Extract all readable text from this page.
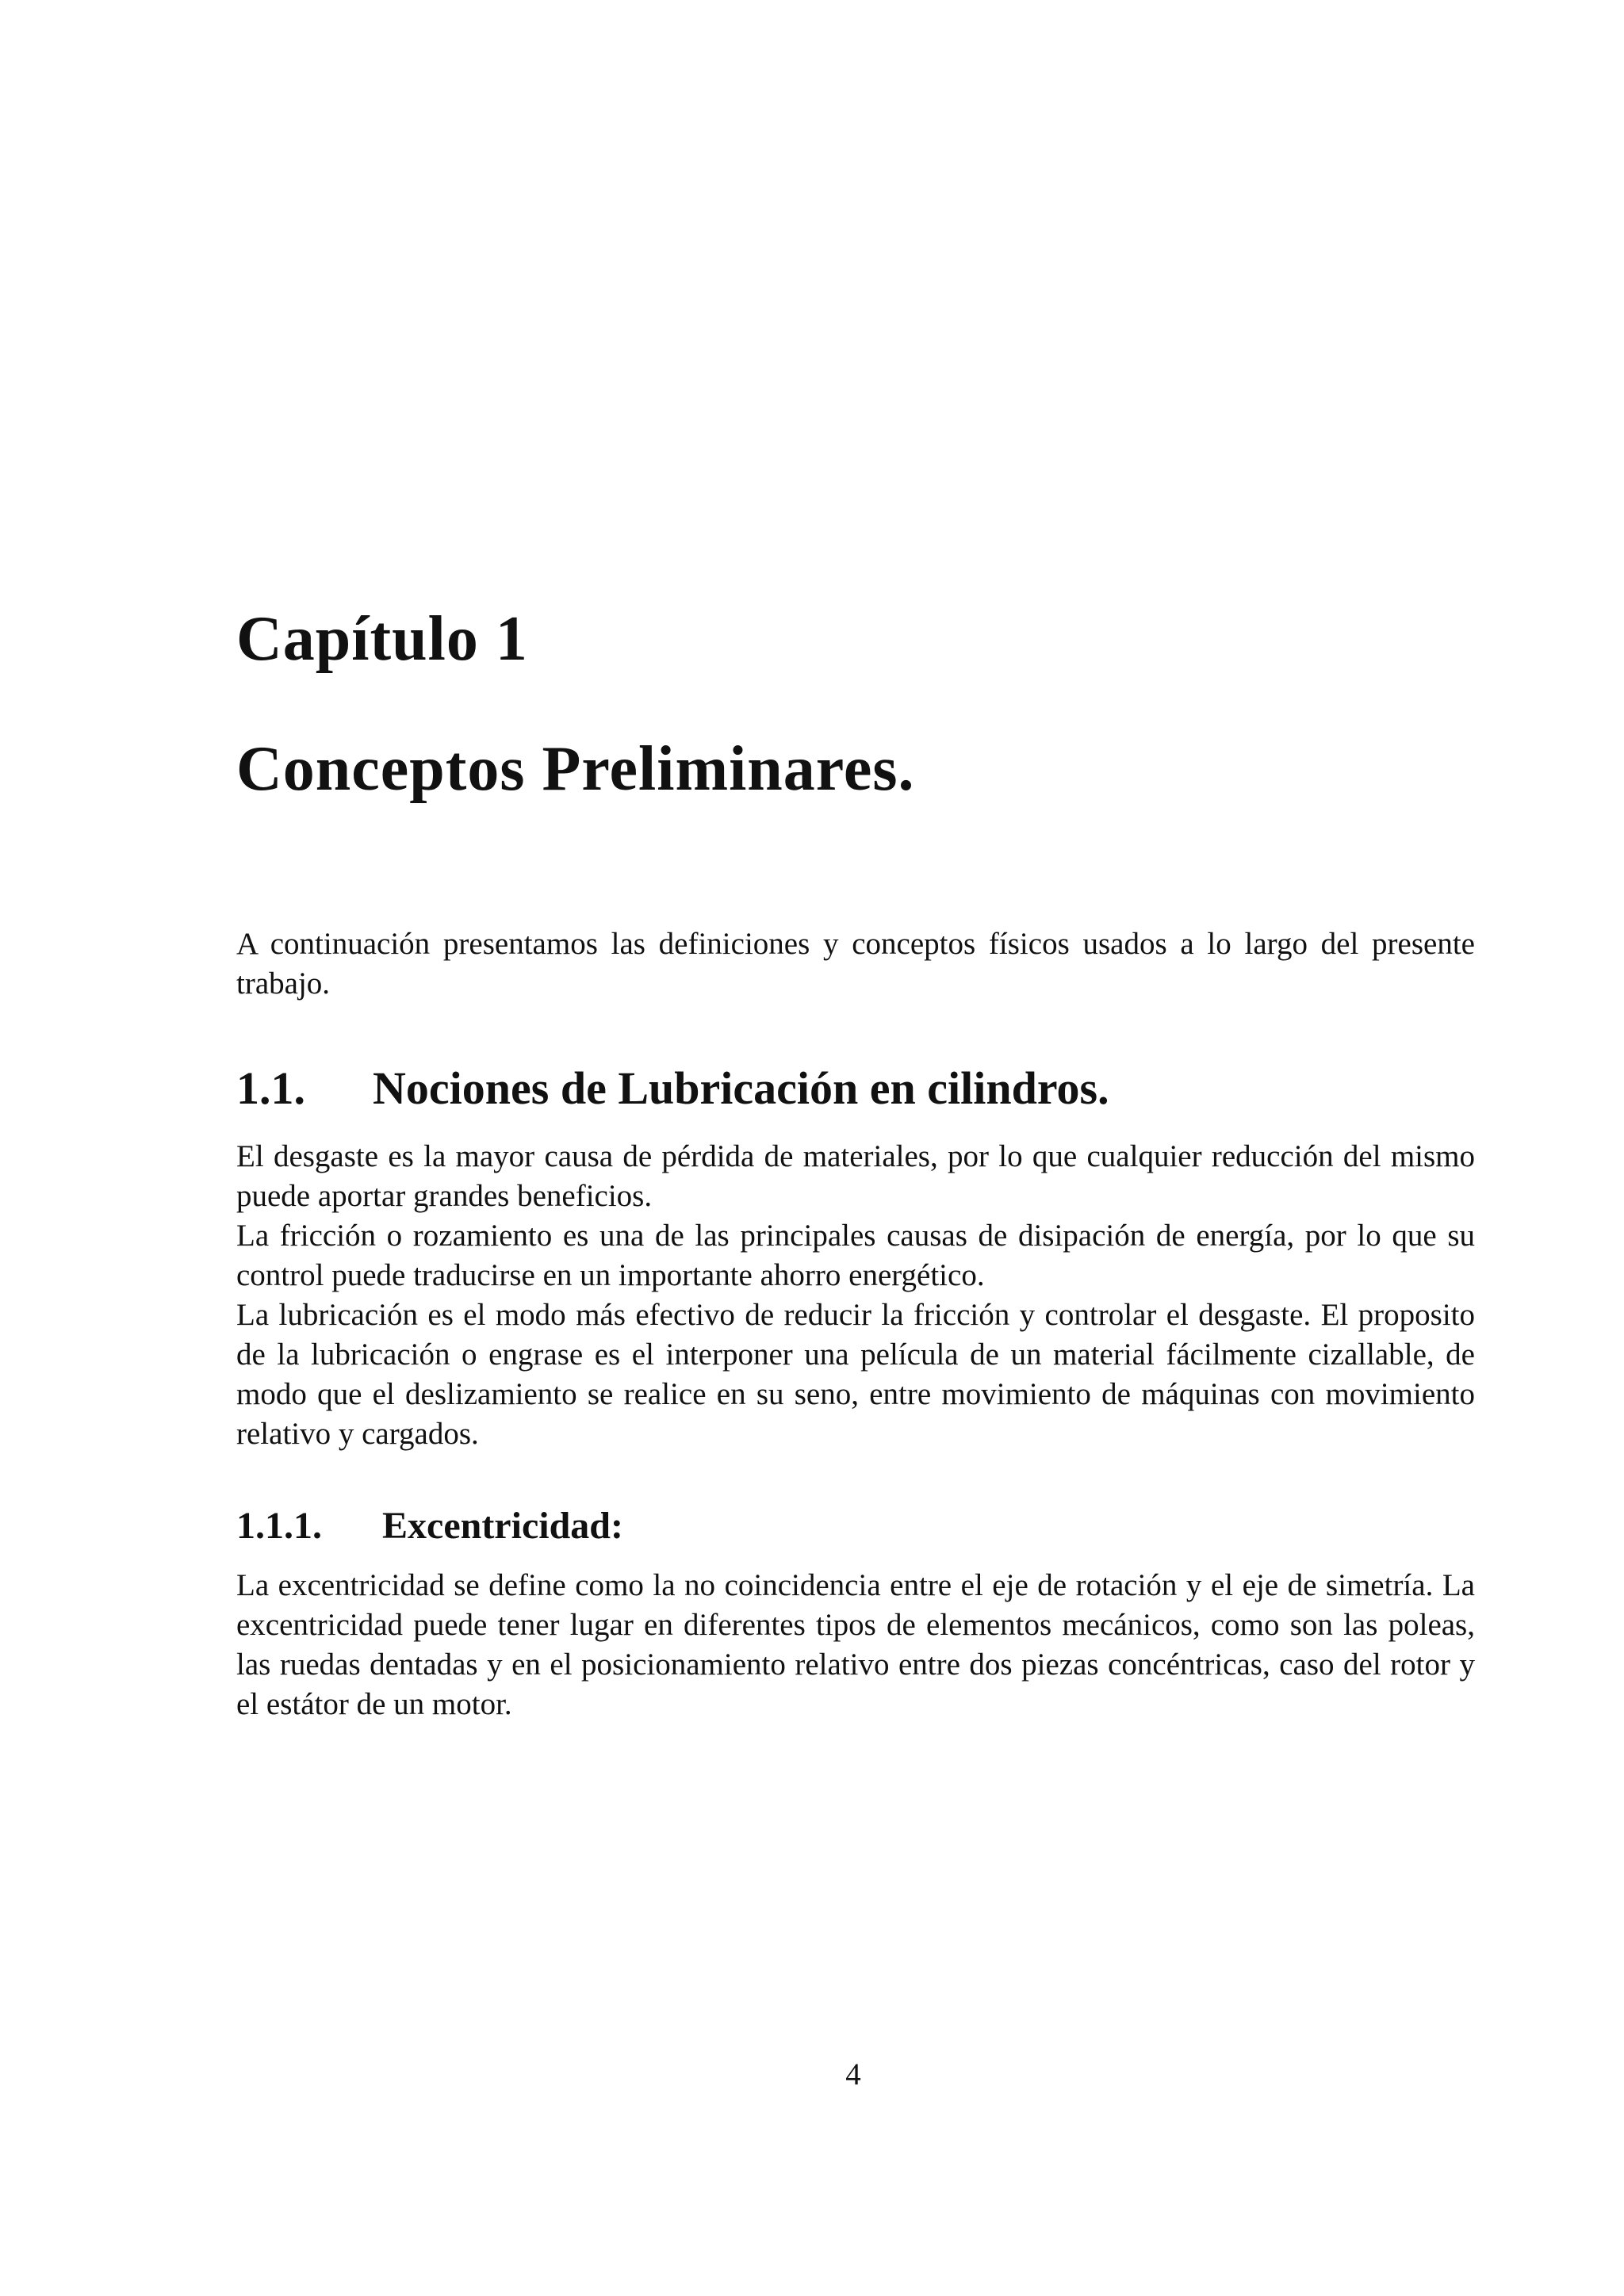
Capítulo 1
Conceptos Preliminares.

A continuación presentamos las definiciones y conceptos físicos usados a lo largo del presente trabajo.

1.1.	Nociones de Lubricación en cilindros.

El desgaste es la mayor causa de pérdida de materiales, por lo que cualquier reducción del mismo puede aportar grandes beneficios.

La fricción o rozamiento es una de las principales causas de disipación de energía, por lo que su control puede traducirse en un importante ahorro energético.

La lubricación es el modo más efectivo de reducir la fricción y controlar el desgaste. El proposito de la lubricación o engrase es el interponer una película de un material fácilmente cizallable, de modo que el deslizamiento se realice en su seno, entre movimiento de máquinas con movimiento relativo y cargados.

1.1.1.	Excentricidad:

La excentricidad se define como la no coincidencia entre el eje de rotación y el eje de simetría. La excentricidad puede tener lugar en diferentes tipos de elementos mecánicos, como son las poleas, las ruedas dentadas y en el posicionamiento relativo entre dos piezas concéntricas, caso del rotor y el estátor de un motor.

4
